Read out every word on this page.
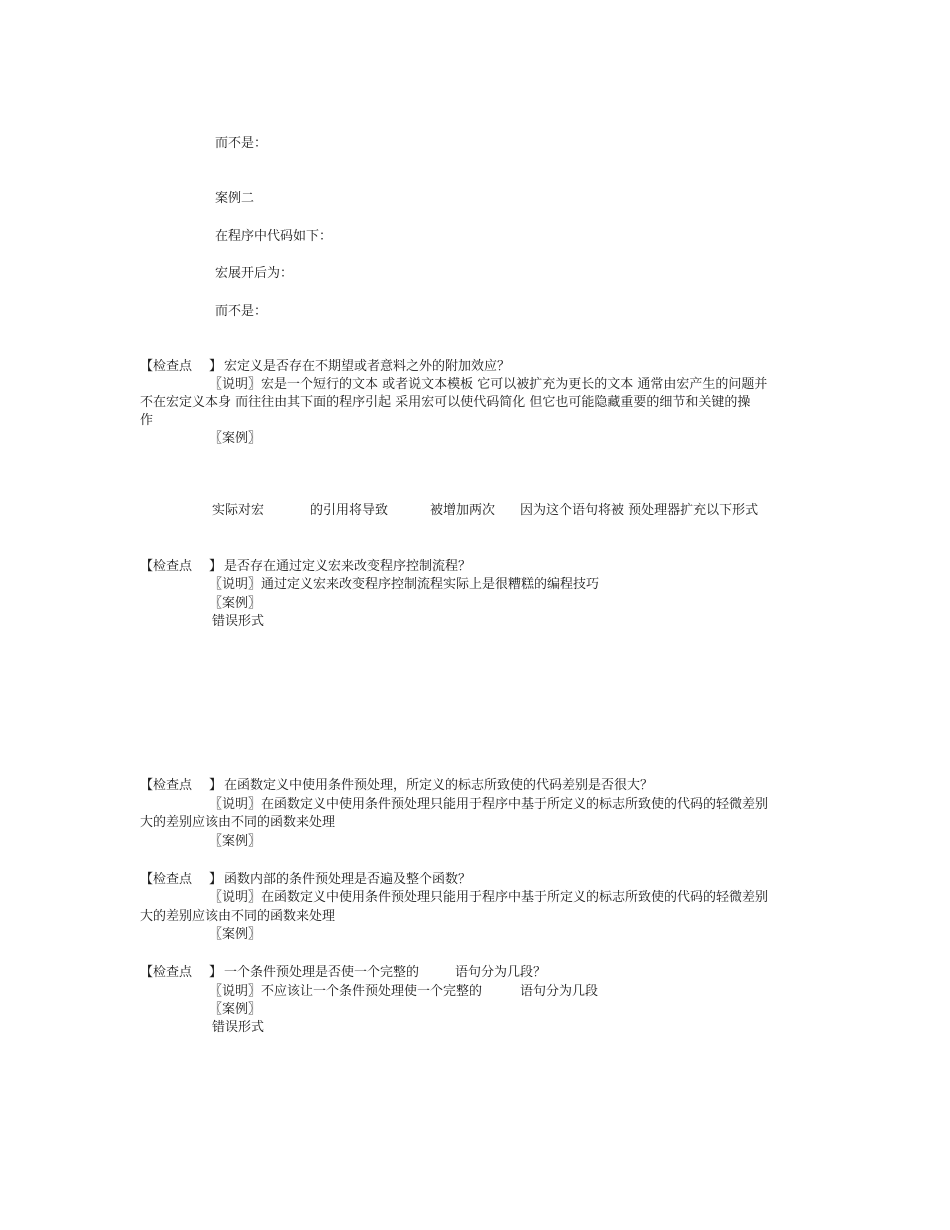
而不是：
案例二
在程序中代码如下：
宏展开后为：
而不是：
【检查点 】 宏定义是否存在不期望或者意料之外的附加效应？
〖说明〗宏是一个短行的文本 或者说文本模板 它可以被扩充为更长的文本 通常由宏产生的问题并
不在宏定义本身 而往往由其下面的程序引起 采用宏可以使代码简化 但它也可能隐藏重要的细节和关键的操
作
〖案例〗
实际对宏	的引用将导致	被增加两次 因为这个语句将被 预处理器扩充以下形式
【检查点 】 是否存在通过定义宏来改变程序控制流程？
〖说明〗通过定义宏来改变程序控制流程实际上是很糟糕的编程技巧
〖案例〗
错误形式
【检查点 】 在函数定义中使用条件预处理，所定义的标志所致使的代码差别是否很大？
〖说明〗在函数定义中使用条件预处理只能用于程序中基于所定义的标志所致使的代码的轻微差别
大的差别应该由不同的函数来处理
〖案例〗
【检查点 】 函数内部的条件预处理是否遍及整个函数？
〖说明〗在函数定义中使用条件预处理只能用于程序中基于所定义的标志所致使的代码的轻微差别
大的差别应该由不同的函数来处理
〖案例〗
【检查点 】 一个条件预处理是否使一个完整的	语句分为几段？
〖说明〗不应该让一个条件预处理使一个完整的	语句分为几段
〖案例〗
错误形式
